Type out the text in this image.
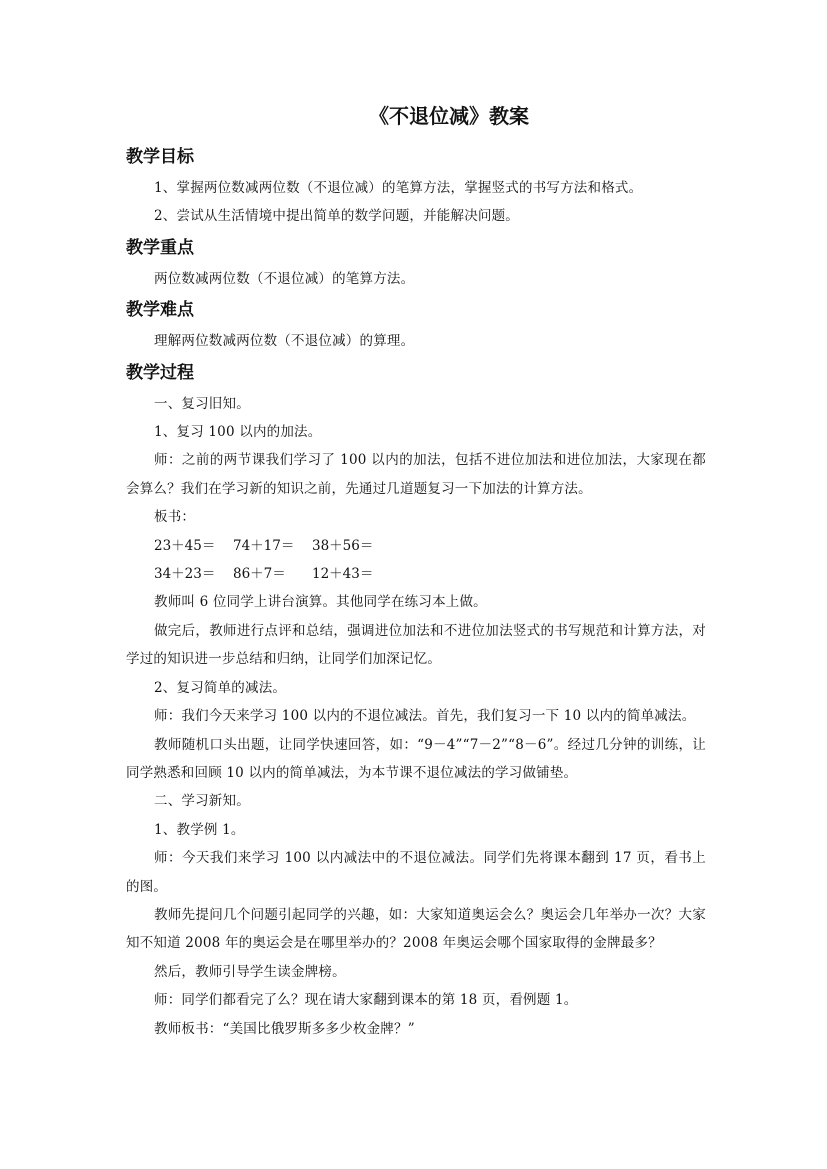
《不退位减》教案
教学目标

1、掌握两位数减两位数（不退位减）的笔算方法，掌握竖式的书写方法和格式。

2、尝试从生活情境中提出简单的数学问题，并能解决问题。

教学重点

两位数减两位数（不退位减）的笔算方法。

教学难点

理解两位数减两位数（不退位减）的算理。

教学过程

一、复习旧知。

1、复习 100 以内的加法。

师：之前的两节课我们学习了 100 以内的加法，包括不进位加法和进位加法，大家现在都会算么？我们在学习新的知识之前，先通过几道题复习一下加法的计算方法。

板书：

23＋45＝ 74＋17＝ 38＋56＝
34＋23＝ 86＋7＝ 12＋43＝

教师叫 6 位同学上讲台演算。其他同学在练习本上做。

做完后，教师进行点评和总结，强调进位加法和不进位加法竖式的书写规范和计算方法，对学过的知识进一步总结和归纳，让同学们加深记忆。

2、复习简单的减法。

师：我们今天来学习 100 以内的不退位减法。首先，我们复习一下 10 以内的简单减法。

教师随机口头出题，让同学快速回答，如：“9－4”“7－2”“8－6”。经过几分钟的训练，让同学熟悉和回顾 10 以内的简单减法，为本节课不退位减法的学习做铺垫。

二、学习新知。

1、教学例 1。

师：今天我们来学习 100 以内减法中的不退位减法。同学们先将课本翻到 17 页，看书上的图。

教师先提问几个问题引起同学的兴趣，如：大家知道奥运会么？奥运会几年举办一次？大家知不知道 2008 年的奥运会是在哪里举办的？2008 年奥运会哪个国家取得的金牌最多？

然后，教师引导学生读金牌榜。

师：同学们都看完了么？现在请大家翻到课本的第 18 页，看例题 1。

教师板书：“美国比俄罗斯多多少枚金牌？”
